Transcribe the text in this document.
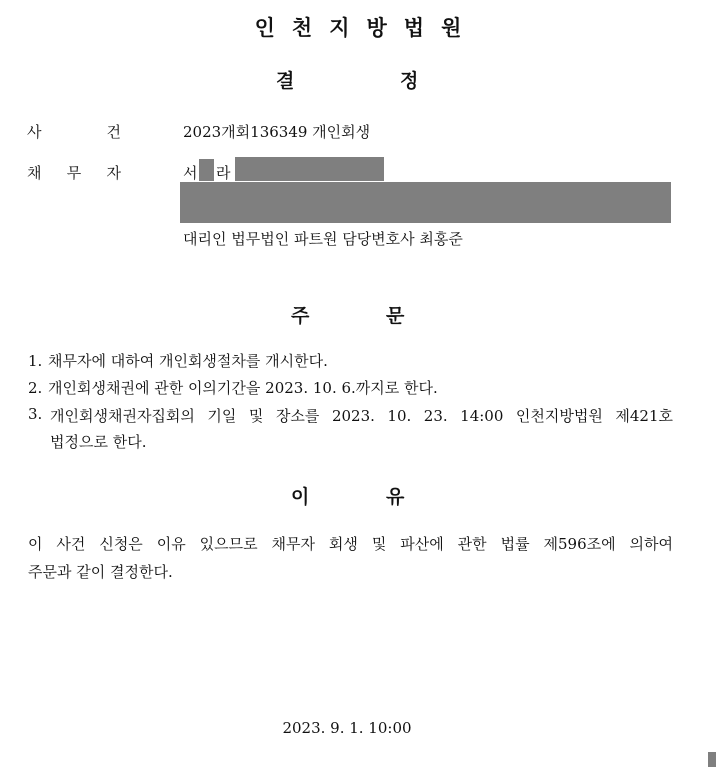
인천지방법원
결	정
사	건	2023개회136349 개인회생
채 무 자	서 라
대리인 법무법인 파트원 담당변호사 최홍준
주	문
1. 채무자에 대하여 개인회생절차를 개시한다.
2. 개인회생채권에 관한 이의기간을 2023. 10. 6.까지로 한다.
3. 개인회생채권자집회의 기일 및 장소를 2023. 10. 23. 14:00 인천지방법원 제421호
법정으로 한다.
이	유
이 사건 신청은 이유 있으므로 채무자 회생 및 파산에 관한 법률 제596조에 의하여
주문과 같이 결정한다.
2023. 9. 1. 10:00
